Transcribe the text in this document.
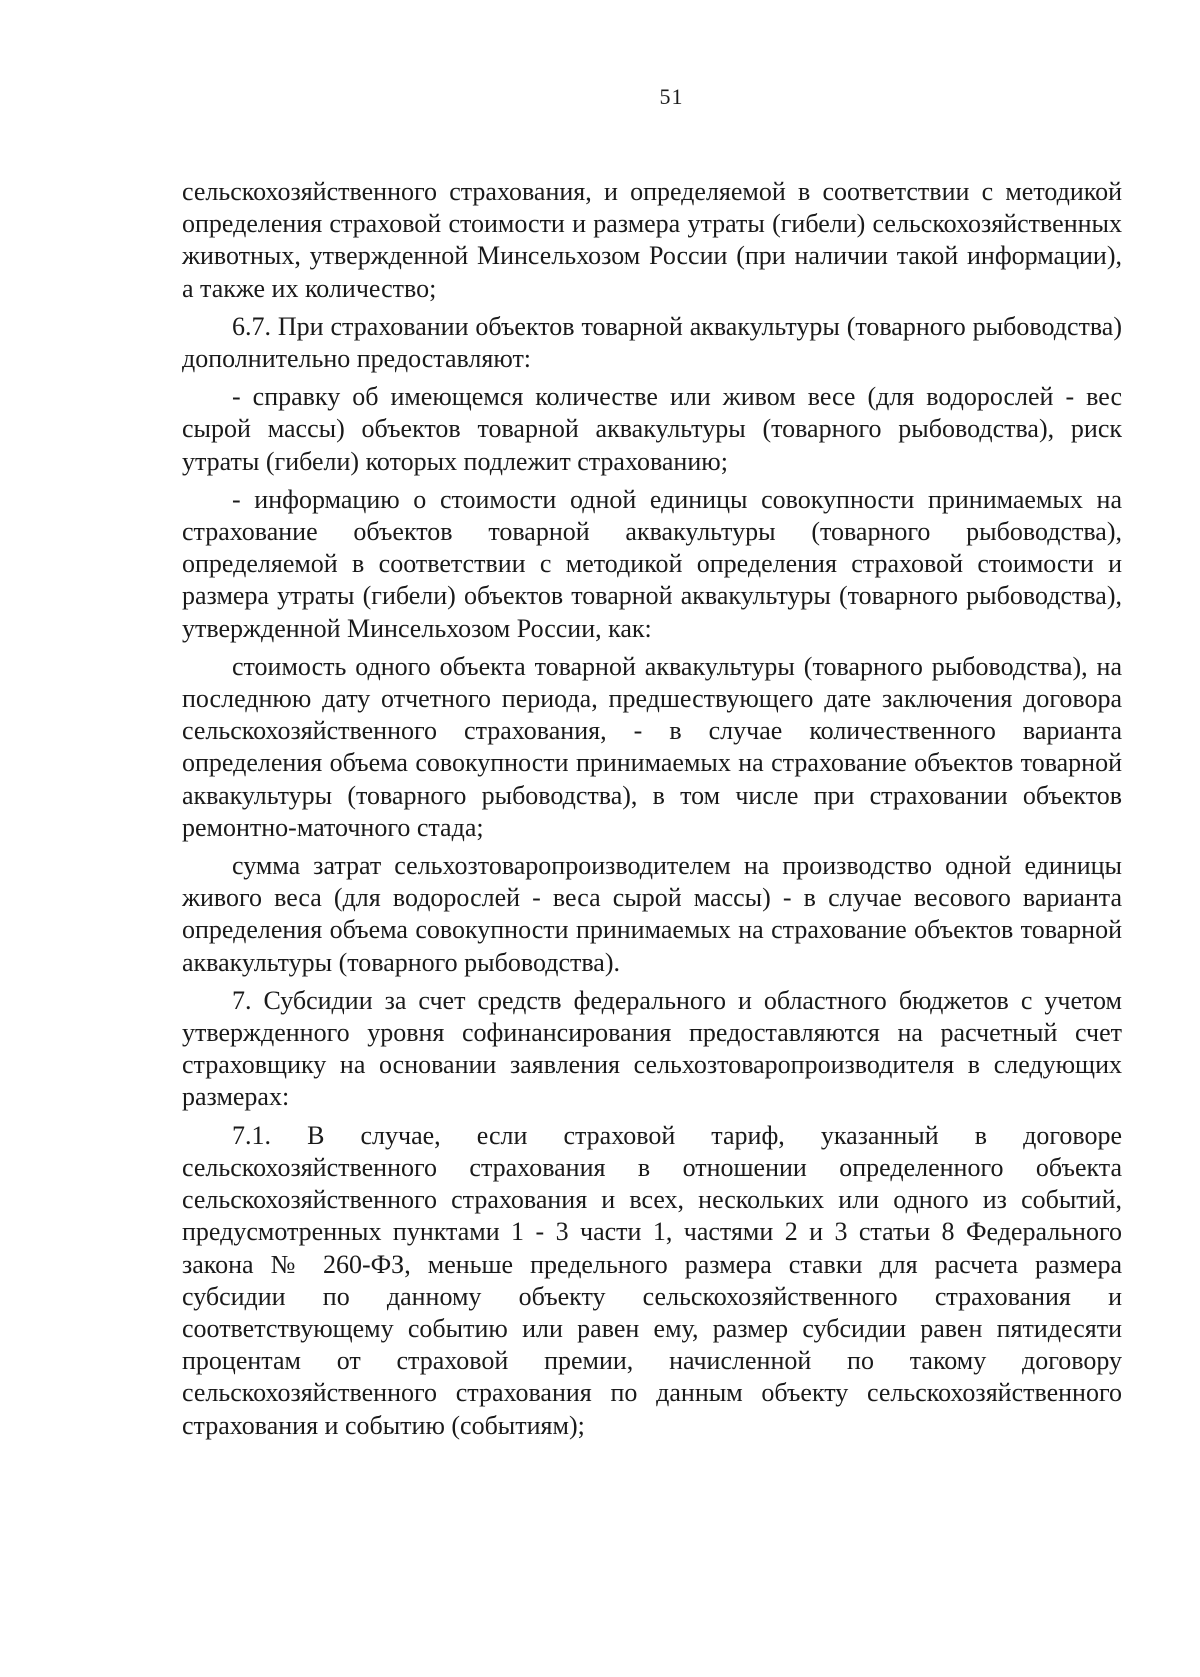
51

сельскохозяйственного страхования, и определяемой в соответствии с методикой определения страховой стоимости и размера утраты (гибели) сельскохозяйственных животных, утвержденной Минсельхозом России (при наличии такой информации), а также их количество;

6.7. При страховании объектов товарной аквакультуры (товарного рыбоводства) дополнительно предоставляют:

- справку об имеющемся количестве или живом весе (для водорослей - вес сырой массы) объектов товарной аквакультуры (товарного рыбоводства), риск утраты (гибели) которых подлежит страхованию;

- информацию о стоимости одной единицы совокупности принимаемых на страхование объектов товарной аквакультуры (товарного рыбоводства), определяемой в соответствии с методикой определения страховой стоимости и размера утраты (гибели) объектов товарной аквакультуры (товарного рыбоводства), утвержденной Минсельхозом России, как:

стоимость одного объекта товарной аквакультуры (товарного рыбоводства), на последнюю дату отчетного периода, предшествующего дате заключения договора сельскохозяйственного страхования, - в случае количественного варианта определения объема совокупности принимаемых на страхование объектов товарной аквакультуры (товарного рыбоводства), в том числе при страховании объектов ремонтно-маточного стада;

сумма затрат сельхозтоваропроизводителем на производство одной единицы живого веса (для водорослей - веса сырой массы) - в случае весового варианта определения объема совокупности принимаемых на страхование объектов товарной аквакультуры (товарного рыбоводства).

7. Субсидии за счет средств федерального и областного бюджетов с учетом утвержденного уровня софинансирования предоставляются на расчетный счет страховщику на основании заявления сельхозтоваропроизводителя в следующих размерах:

7.1. В случае, если страховой тариф, указанный в договоре сельскохозяйственного страхования в отношении определенного объекта сельскохозяйственного страхования и всех, нескольких или одного из событий, предусмотренных пунктами 1 - 3 части 1, частями 2 и 3 статьи 8 Федерального закона № 260-ФЗ, меньше предельного размера ставки для расчета размера субсидии по данному объекту сельскохозяйственного страхования и соответствующему событию или равен ему, размер субсидии равен пятидесяти процентам от страховой премии, начисленной по такому договору сельскохозяйственного страхования по данным объекту сельскохозяйственного страхования и событию (событиям);
